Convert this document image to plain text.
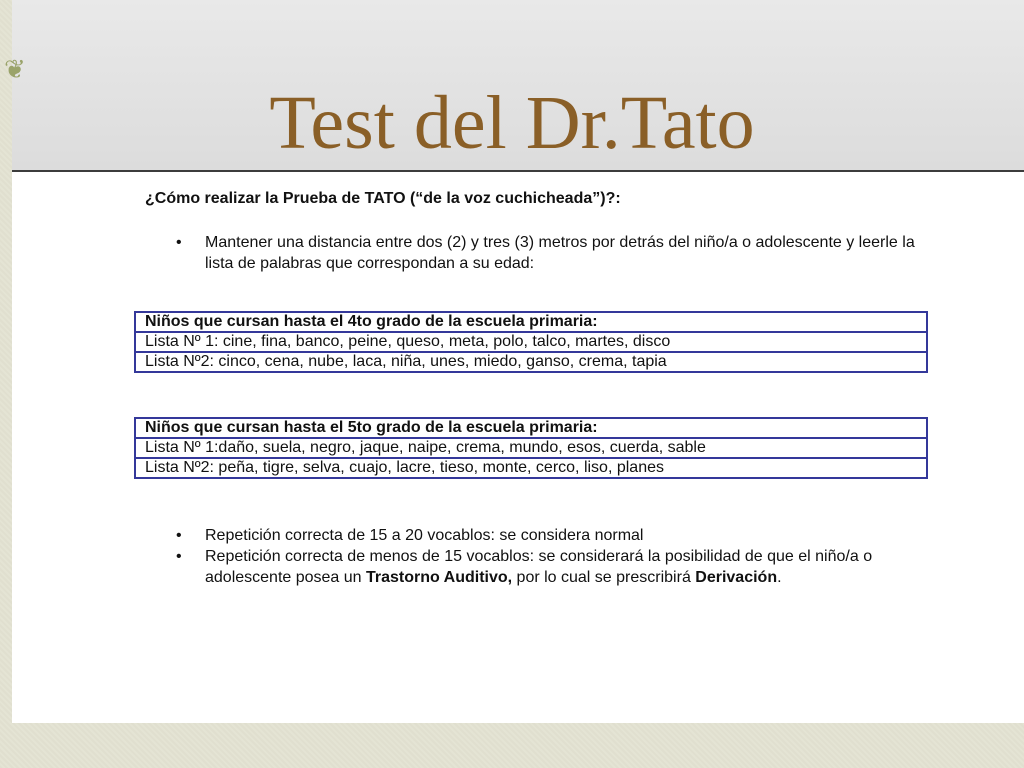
❦
Test del Dr.Tato
¿Cómo realizar la Prueba de TATO (“de la voz cuchicheada”)?:
• Mantener una distancia entre dos (2) y tres (3) metros por detrás del niño/a o adolescente y leerle la lista de palabras que correspondan a su edad:
Niños que cursan hasta el 4to grado de la escuela primaria:
Lista Nº 1: cine, fina, banco, peine, queso, meta, polo, talco, martes, disco
Lista Nº2: cinco, cena, nube, laca, niña, unes, miedo, ganso, crema, tapia
Niños que cursan hasta el 5to grado de la escuela primaria:
Lista Nº 1:daño, suela, negro, jaque, naipe, crema, mundo, esos, cuerda, sable
Lista Nº2: peña, tigre, selva, cuajo, lacre, tieso, monte, cerco, liso, planes
• Repetición correcta de 15 a 20 vocablos: se considera normal
• Repetición correcta de menos de 15 vocablos: se considerará la posibilidad de que el niño/a o adolescente posea un Trastorno Auditivo, por lo cual se prescribirá Derivación.
